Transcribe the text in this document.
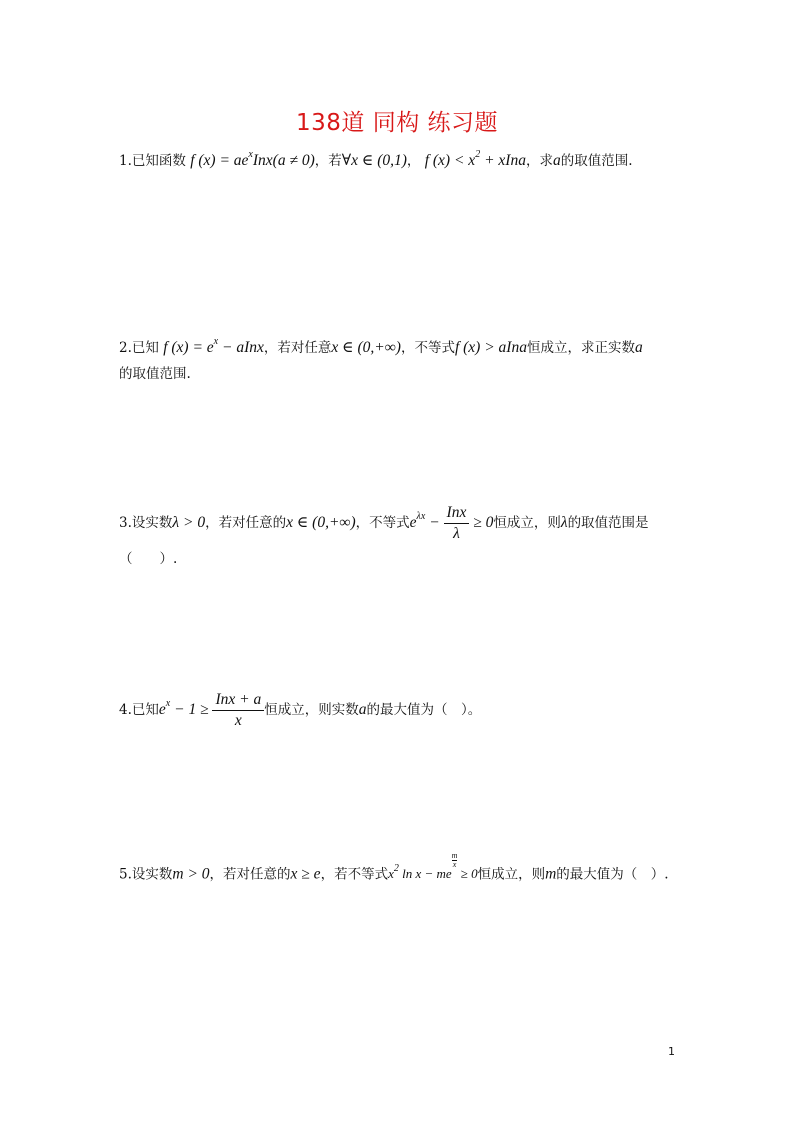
138道 同构 练习题
1.已知函数 f $(x) = ae^xInx(a \ne 0)$，若∀x ∈ (0,1)， f $(x) < x^2$ + xIna，求a的取值范围.
2.已知 f $(x) = e^x$ − aInx，若对任意x ∈ (0,+∞)，不等式f (x) > aIna恒成立，求正实数a
的取值范围.
3.设实数λ > 0，若对任意的x ∈ (0,+∞)，不等式$e^{\lambda x} - \frac{\text{Inx}}{\lambda} \ge 0$恒成立，则λ的取值范围是
（　　）.
4.已知$e^x - 1 \ge \frac{\text{Inx + a}}{x}$ 恒成立，则实数a的最大值为（　）。
5.设实数m > 0，若对任意的x ≥ e，若不等式$x^2$ ln x − me
$^{\frac{m}{x}}$
≥ 0恒成立，则m的最大值为（　）.
1
